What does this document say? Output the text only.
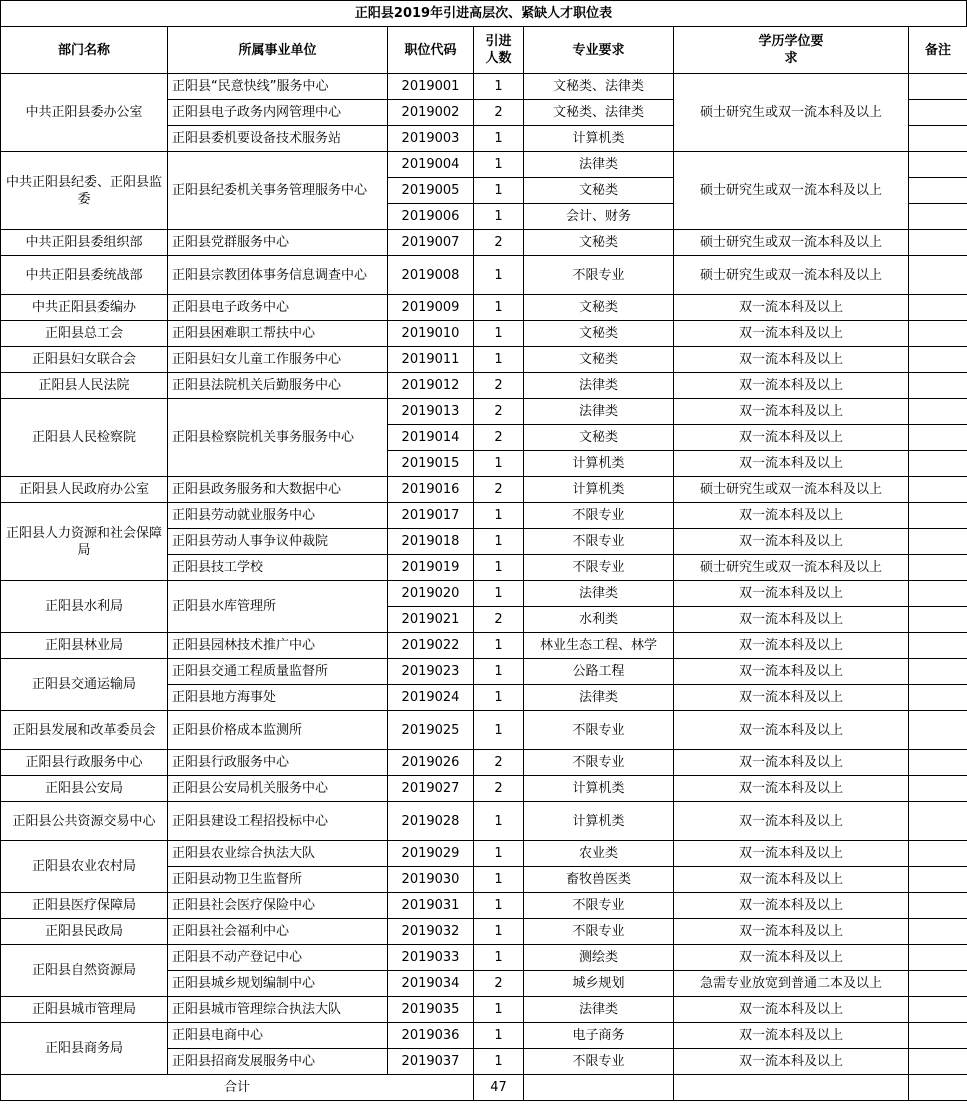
正阳县2019年引进高层次、紧缺人才职位表
部门名称	所属事业单位	职位代码	引进人数	专业要求	学历学位要求	备注
中共正阳县委办公室	正阳县“民意快线”服务中心	2019001	1	文秘类、法律类	硕士研究生或双一流本科及以上	
	正阳县电子政务内网管理中心	2019002	2	文秘类、法律类		
	正阳县委机要设备技术服务站	2019003	1	计算机类		
中共正阳县纪委、正阳县监委	正阳县纪委机关事务管理服务中心	2019004	1	法律类	硕士研究生或双一流本科及以上	
		2019005	1	文秘类		
		2019006	1	会计、财务		
中共正阳县委组织部	正阳县党群服务中心	2019007	2	文秘类	硕士研究生或双一流本科及以上	
中共正阳县委统战部	正阳县宗教团体事务信息调查中心	2019008	1	不限专业	硕士研究生或双一流本科及以上	
中共正阳县委编办	正阳县电子政务中心	2019009	1	文秘类	双一流本科及以上	
正阳县总工会	正阳县困难职工帮扶中心	2019010	1	文秘类	双一流本科及以上	
正阳县妇女联合会	正阳县妇女儿童工作服务中心	2019011	1	文秘类	双一流本科及以上	
正阳县人民法院	正阳县法院机关后勤服务中心	2019012	2	法律类	双一流本科及以上	
正阳县人民检察院	正阳县检察院机关事务服务中心	2019013	2	法律类	双一流本科及以上	
		2019014	2	文秘类	双一流本科及以上	
		2019015	1	计算机类	双一流本科及以上	
正阳县人民政府办公室	正阳县政务服务和大数据中心	2019016	2	计算机类	硕士研究生或双一流本科及以上	
正阳县人力资源和社会保障局	正阳县劳动就业服务中心	2019017	1	不限专业	双一流本科及以上	
	正阳县劳动人事争议仲裁院	2019018	1	不限专业	双一流本科及以上	
	正阳县技工学校	2019019	1	不限专业	硕士研究生或双一流本科及以上	
正阳县水利局	正阳县水库管理所	2019020	1	法律类	双一流本科及以上	
		2019021	2	水利类	双一流本科及以上	
正阳县林业局	正阳县园林技术推广中心	2019022	1	林业生态工程、林学	双一流本科及以上	
正阳县交通运输局	正阳县交通工程质量监督所	2019023	1	公路工程	双一流本科及以上	
	正阳县地方海事处	2019024	1	法律类	双一流本科及以上	
正阳县发展和改革委员会	正阳县价格成本监测所	2019025	1	不限专业	双一流本科及以上	
正阳县行政服务中心	正阳县行政服务中心	2019026	2	不限专业	双一流本科及以上	
正阳县公安局	正阳县公安局机关服务中心	2019027	2	计算机类	双一流本科及以上	
正阳县公共资源交易中心	正阳县建设工程招投标中心	2019028	1	计算机类	双一流本科及以上	
正阳县农业农村局	正阳县农业综合执法大队	2019029	1	农业类	双一流本科及以上	
	正阳县动物卫生监督所	2019030	1	畜牧兽医类	双一流本科及以上	
正阳县医疗保障局	正阳县社会医疗保险中心	2019031	1	不限专业	双一流本科及以上	
正阳县民政局	正阳县社会福利中心	2019032	1	不限专业	双一流本科及以上	
正阳县自然资源局	正阳县不动产登记中心	2019033	1	测绘类	双一流本科及以上	
	正阳县城乡规划编制中心	2019034	2	城乡规划	急需专业放宽到普通二本及以上	
正阳县城市管理局	正阳县城市管理综合执法大队	2019035	1	法律类	双一流本科及以上	
正阳县商务局	正阳县电商中心	2019036	1	电子商务	双一流本科及以上	
	正阳县招商发展服务中心	2019037	1	不限专业	双一流本科及以上	
合计			47			
